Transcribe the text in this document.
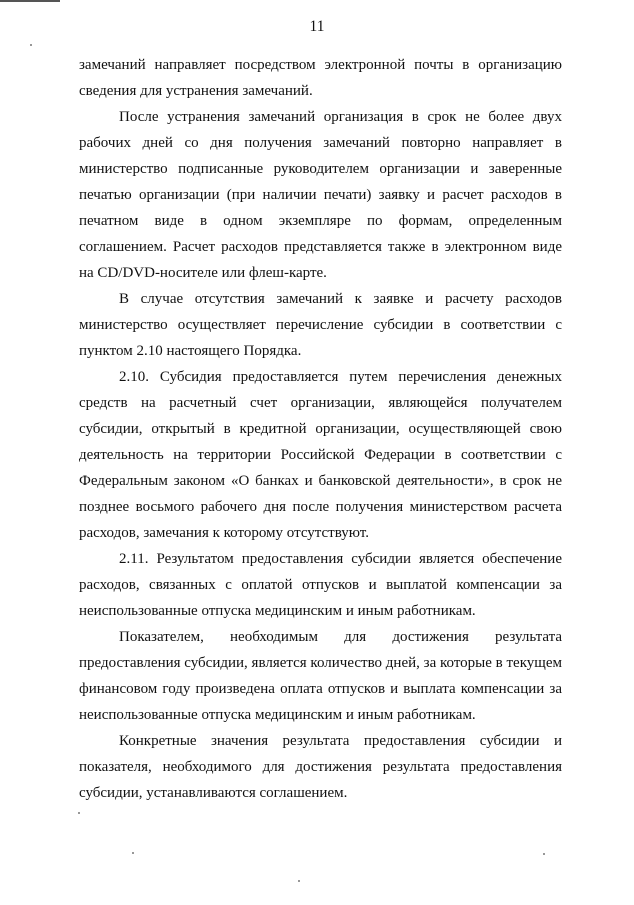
11
замечаний направляет посредством электронной почты в организацию
сведения для устранения замечаний.
После устранения замечаний организация в срок не более двух
рабочих дней со дня получения замечаний повторно направляет в
министерство подписанные руководителем организации и заверенные
печатью организации (при наличии печати) заявку и расчет расходов в
печатном виде в одном экземпляре по формам, определенным
соглашением. Расчет расходов представляется также в электронном виде
на CD/DVD-носителе или флеш-карте.
В случае отсутствия замечаний к заявке и расчету расходов
министерство осуществляет перечисление субсидии в соответствии с
пунктом 2.10 настоящего Порядка.
2.10. Субсидия предоставляется путем перечисления денежных
средств на расчетный счет организации, являющейся получателем
субсидии, открытый в кредитной организации, осуществляющей свою
деятельность на территории Российской Федерации в соответствии с
Федеральным законом «О банках и банковской деятельности», в срок не
позднее восьмого рабочего дня после получения министерством расчета
расходов, замечания к которому отсутствуют.
2.11. Результатом предоставления субсидии является обеспечение
расходов, связанных с оплатой отпусков и выплатой компенсации за
неиспользованные отпуска медицинским и иным работникам.
Показателем, необходимым для достижения результата
предоставления субсидии, является количество дней, за которые в текущем
финансовом году произведена оплата отпусков и выплата компенсации за
неиспользованные отпуска медицинским и иным работникам.
Конкретные значения результата предоставления субсидии и
показателя, необходимого для достижения результата предоставления
субсидии, устанавливаются соглашением.
